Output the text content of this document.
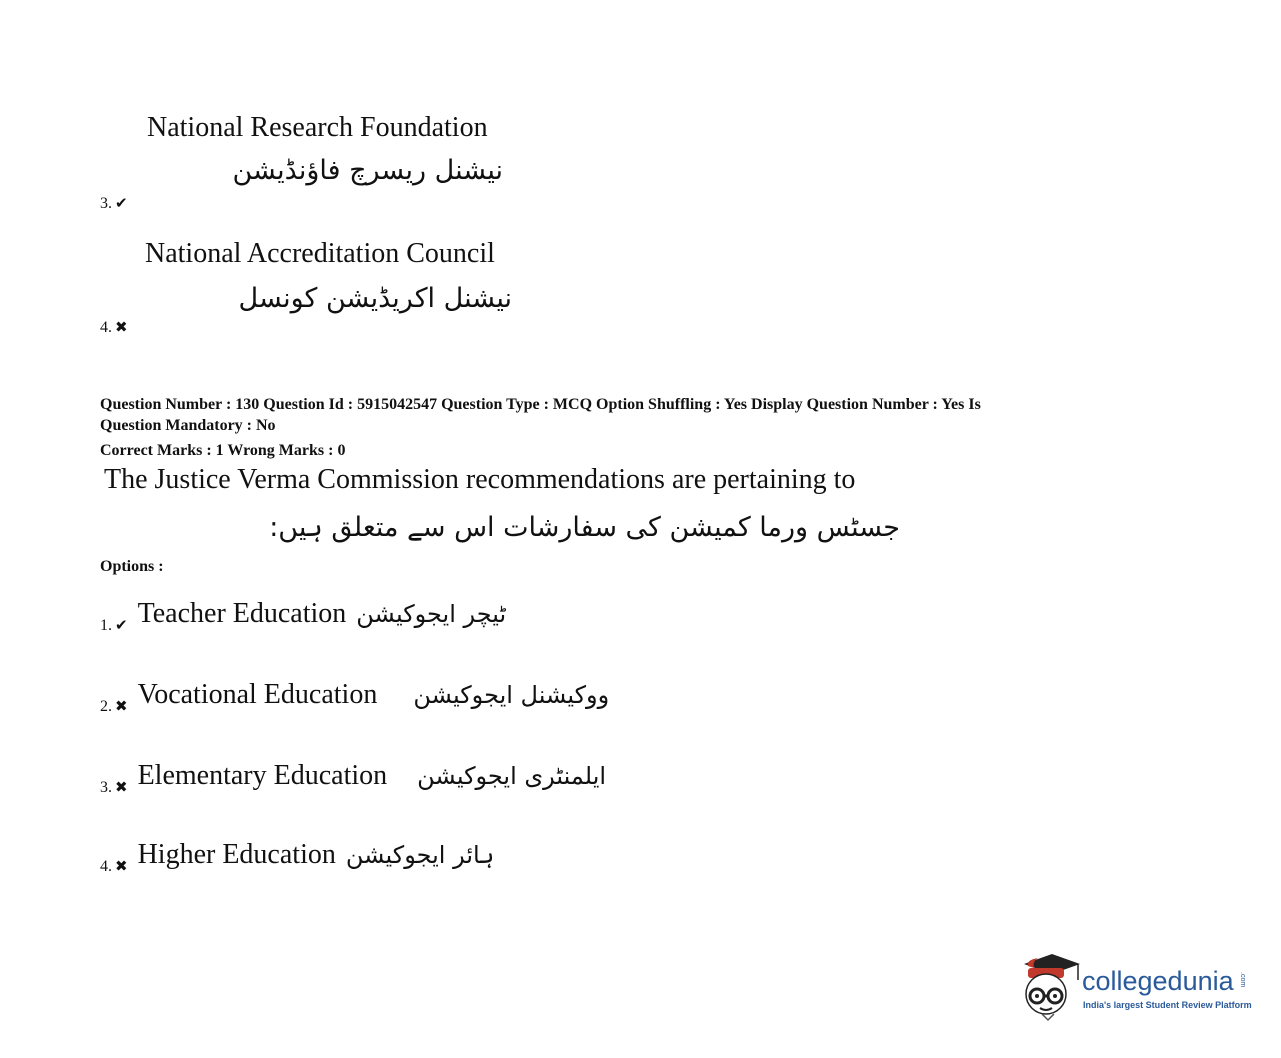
National Research Foundation
نیشنل ریسرچ فاؤنڈیشن
3. ✔
National Accreditation Council
نیشنل اکریڈیشن کونسل
4. ✖
Question Number : 130 Question Id : 5915042547 Question Type : MCQ Option Shuffling : Yes Display Question Number : Yes Is
Question Mandatory : No
Correct Marks : 1 Wrong Marks : 0
The Justice Verma Commission recommendations are pertaining to
جسٹس ورما کمیشن کی سفارشات اس سے متعلق ہیں:
Options :
1. ✔ Teacher Education ٹیچر ایجوکیشن
2. ✖ Vocational Education ووکیشنل ایجوکیشن
3. ✖ Elementary Education ایلمنٹری ایجوکیشن
4. ✖ Higher Education ہائر ایجوکیشن
collegedunia .com
India's largest Student Review Platform
